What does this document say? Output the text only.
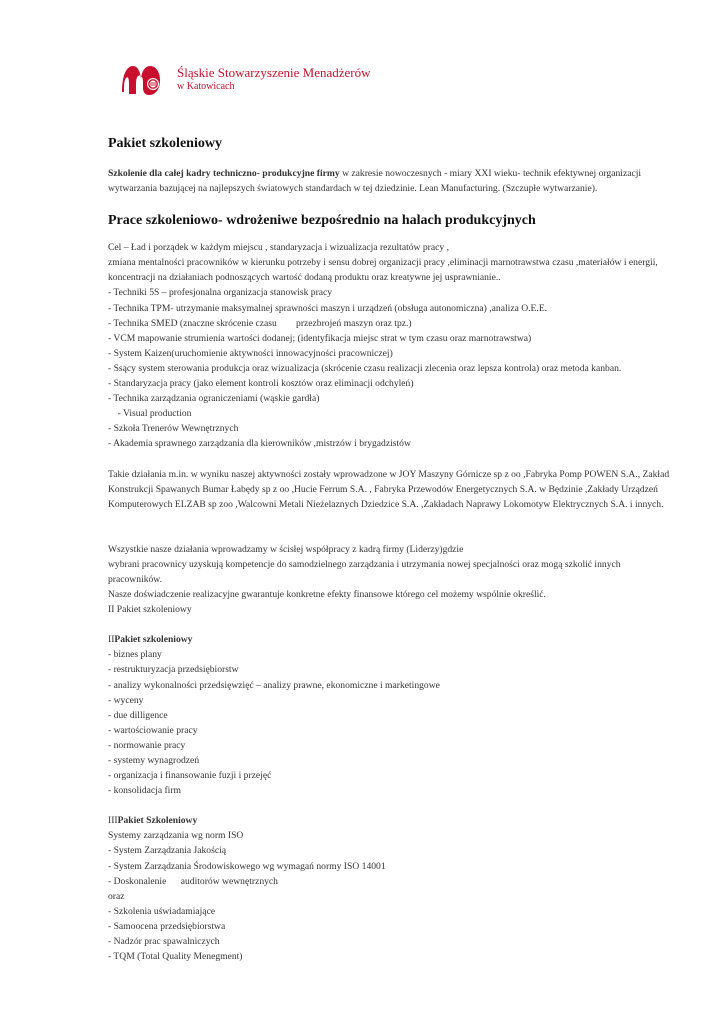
Śląskie Stowarzyszenie Menadżerów
w Katowicach
Pakiet szkoleniowy

Szkolenie dla całej kadry techniczno- produkcyjne firmy w zakresie nowoczesnych - miary XXI wieku- technik efektywnej organizacji wytwarzania bazującej na najlepszych światowych standardach w tej dziedzinie. Lean Manufacturing. (Szczupłe wytwarzanie).

Prace szkoleniowo- wdrożeniwe bezpośrednio na halach produkcyjnych

Cel – Ład i porządek w każdym miejscu , standaryzacja i wizualizacja rezultatów pracy ,

zmiana mentalności pracowników w kierunku potrzeby i sensu dobrej organizacji pracy ,eliminacji marnotrawstwa czasu ,materiałów i energii, koncentracji na działaniach podnoszących wartość dodaną produktu oraz kreatywne jej usprawnianie..

- Techniki 5S – profesjonalna organizacja stanowisk pracy

- Technika TPM- utrzymanie maksymalnej sprawności maszyn i urządzeń (obsługa autonomiczna) ,analiza O.E.E.

- Technika SMED (znaczne skrócenie czasu        przezbrojeń maszyn oraz tpz.)

- VCM mapowanie strumienia wartości dodanej; (identyfikacja miejsc strat w tym czasu oraz marnotrawstwa)

- System Kaizen(uruchomienie aktywności innowacyjności pracowniczej)

- Ssący system sterowania produkcja oraz wizualizacja (skrócenie czasu realizacji zlecenia oraz lepsza kontrola) oraz metoda kanban.

- Standaryzacja pracy (jako element kontroli kosztów oraz eliminacji odchyleń)

- Technika zarządzania ograniczeniami (wąskie gardła)

- Visual production

- Szkoła Trenerów Wewnętrznych

- Akademia sprawnego zarządzania dla kierowników ,mistrzów i brygadzistów

Takie działania m.in. w wyniku naszej aktywności zostały wprowadzone w JOY Maszyny Górnicze sp z oo ,Fabryka Pomp POWEN S.A., Zakład Konstrukcji Spawanych Bumar Łabędy sp z oo ,Hucie Ferrum S.A. , Fabryka Przewodów Energetycznych S.A. w Będzinie ,Zakłady Urządzeń Komputerowych ELZAB sp zoo ,Walcowni Metali Nieżelaznych Dziedzice S.A. ,Zakładach Naprawy Lokomotyw Elektrycznych S.A. i innych.

Wszystkie nasze działania wprowadzamy w ścisłej współpracy z kadrą firmy (Liderzy)gdzie

wybrani pracownicy uzyskują kompetencje do samodzielnego zarządzania i utrzymania nowej specjalności oraz mogą szkolić innych pracowników.

Nasze doświadczenie realizacyjne gwarantuje konkretne efekty finansowe którego cel możemy wspólnie określić.

II Pakiet szkoleniowy

IIPakiet szkoleniowy

- biznes plany

- restrukturyzacja przedsiębiorstw

- analizy wykonalności przedsięwzięć – analizy prawne, ekonomiczne i marketingowe

- wyceny

- due dilligence

- wartościowanie pracy

- normowanie pracy

- systemy wynagrodzeń

- organizacja i finansowanie fuzji i przejęć

- konsolidacja firm

IIIPakiet Szkoleniowy

Systemy zarządzania wg norm ISO

- System Zarządzania Jakością

- System Zarządzania Środowiskowego wg wymagań normy ISO 14001

- Doskonalenie      auditorów wewnętrznych

oraz

- Szkolenia uświadamiające

- Samoocena przedsiębiorstwa

- Nadzór prac spawalniczych

- TQM (Total Quality Menegment)
